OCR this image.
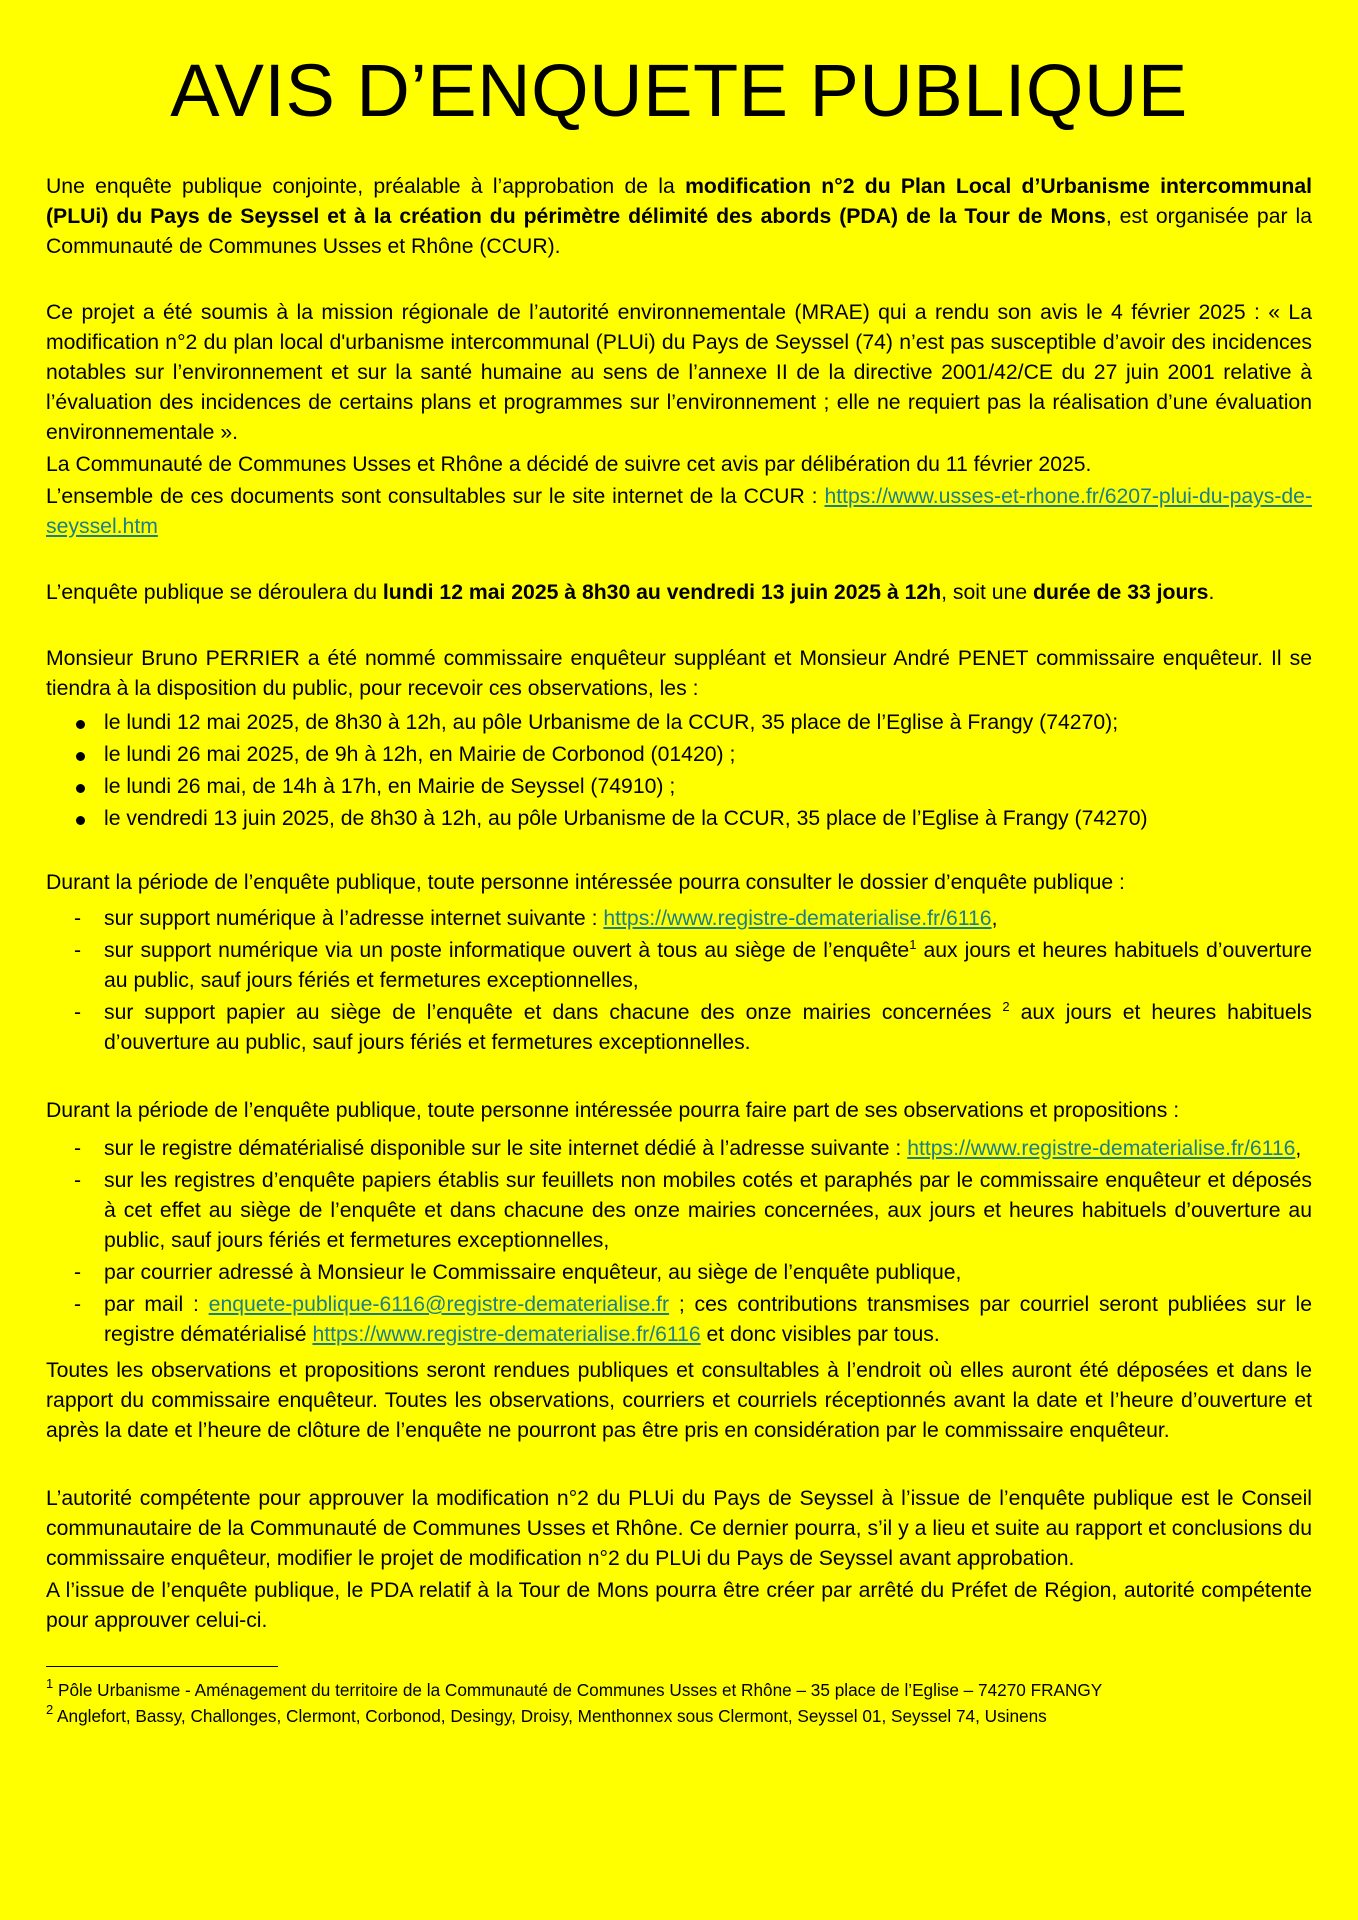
AVIS D’ENQUETE PUBLIQUE

Une enquête publique conjointe, préalable à l’approbation de la modification n°2 du Plan Local d’Urbanisme intercommunal (PLUi) du Pays de Seyssel et à la création du périmètre délimité des abords (PDA) de la Tour de Mons, est organisée par la Communauté de Communes Usses et Rhône (CCUR).

Ce projet a été soumis à la mission régionale de l’autorité environnementale (MRAE) qui a rendu son avis le 4 février 2025 : « La modification n°2 du plan local d'urbanisme intercommunal (PLUi) du Pays de Seyssel (74) n’est pas susceptible d’avoir des incidences notables sur l’environnement et sur la santé humaine au sens de l’annexe II de la directive 2001/42/CE du 27 juin 2001 relative à l’évaluation des incidences de certains plans et programmes sur l’environnement ; elle ne requiert pas la réalisation d’une évaluation environnementale ».

La Communauté de Communes Usses et Rhône a décidé de suivre cet avis par délibération du 11 février 2025.

L’ensemble de ces documents sont consultables sur le site internet de la CCUR : https://www.usses-et-rhone.fr/6207-plui-du-pays-de-seyssel.htm

L’enquête publique se déroulera du lundi 12 mai 2025 à 8h30 au vendredi 13 juin 2025 à 12h, soit une durée de 33 jours.

Monsieur Bruno PERRIER a été nommé commissaire enquêteur suppléant et Monsieur André PENET commissaire enquêteur. Il se tiendra à la disposition du public, pour recevoir ces observations, les :

le lundi 12 mai 2025, de 8h30 à 12h, au pôle Urbanisme de la CCUR, 35 place de l’Eglise à Frangy (74270);
le lundi 26 mai 2025, de 9h à 12h, en Mairie de Corbonod (01420) ;
le lundi 26 mai, de 14h à 17h, en Mairie de Seyssel (74910) ;
le vendredi 13 juin 2025, de 8h30 à 12h, au pôle Urbanisme de la CCUR, 35 place de l’Eglise à Frangy (74270)

Durant la période de l’enquête publique, toute personne intéressée pourra consulter le dossier d’enquête publique :

- sur support numérique à l’adresse internet suivante : https://www.registre-dematerialise.fr/6116,
- sur support numérique via un poste informatique ouvert à tous au siège de l’enquête$^1$ aux jours et heures habituels d’ouverture au public, sauf jours fériés et fermetures exceptionnelles,
- sur support papier au siège de l’enquête et dans chacune des onze mairies concernées $^2$ aux jours et heures habituels d’ouverture au public, sauf jours fériés et fermetures exceptionnelles.

Durant la période de l’enquête publique, toute personne intéressée pourra faire part de ses observations et propositions :

- sur le registre dématérialisé disponible sur le site internet dédié à l’adresse suivante : https://www.registre-dematerialise.fr/6116,
- sur les registres d’enquête papiers établis sur feuillets non mobiles cotés et paraphés par le commissaire enquêteur et déposés à cet effet au siège de l’enquête et dans chacune des onze mairies concernées, aux jours et heures habituels d’ouverture au public, sauf jours fériés et fermetures exceptionnelles,
- par courrier adressé à Monsieur le Commissaire enquêteur, au siège de l’enquête publique,
- par mail : enquete-publique-6116@registre-dematerialise.fr ; ces contributions transmises par courriel seront publiées sur le registre dématérialisé https://www.registre-dematerialise.fr/6116 et donc visibles par tous.

Toutes les observations et propositions seront rendues publiques et consultables à l’endroit où elles auront été déposées et dans le rapport du commissaire enquêteur. Toutes les observations, courriers et courriels réceptionnés avant la date et l’heure d’ouverture et après la date et l’heure de clôture de l’enquête ne pourront pas être pris en considération par le commissaire enquêteur.

L’autorité compétente pour approuver la modification n°2 du PLUi du Pays de Seyssel à l’issue de l’enquête publique est le Conseil communautaire de la Communauté de Communes Usses et Rhône. Ce dernier pourra, s’il y a lieu et suite au rapport et conclusions du commissaire enquêteur, modifier le projet de modification n°2 du PLUi du Pays de Seyssel avant approbation.

A l’issue de l’enquête publique, le PDA relatif à la Tour de Mons pourra être créer par arrêté du Préfet de Région, autorité compétente pour approuver celui-ci.

$^1$ Pôle Urbanisme - Aménagement du territoire de la Communauté de Communes Usses et Rhône – 35 place de l’Eglise – 74270 FRANGY
$^2$ Anglefort, Bassy, Challonges, Clermont, Corbonod, Desingy, Droisy, Menthonnex sous Clermont, Seyssel 01, Seyssel 74, Usinens
